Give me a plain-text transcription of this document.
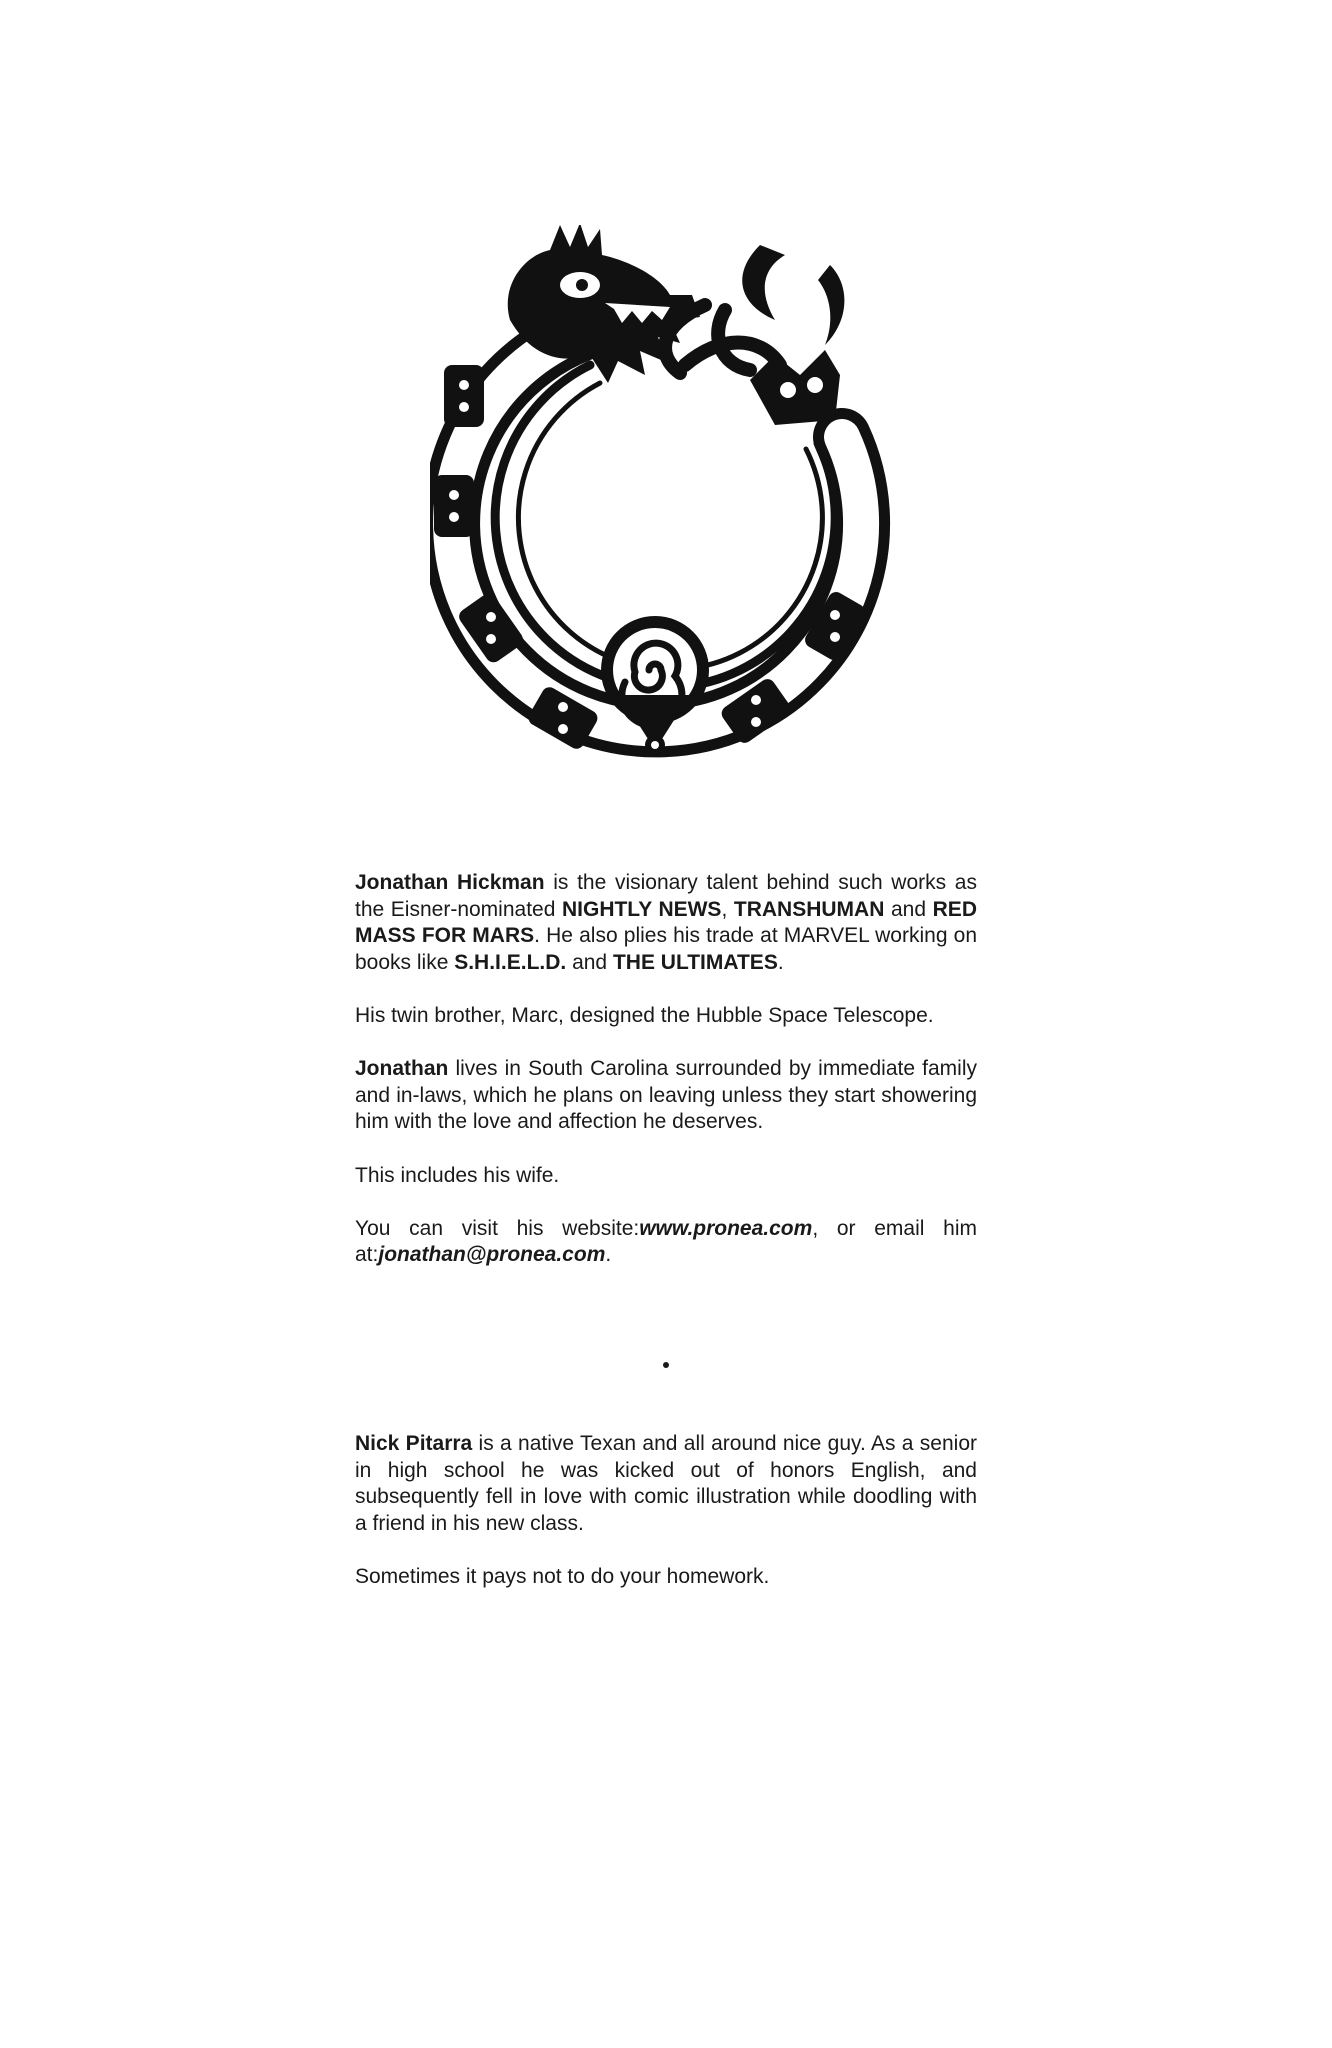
Jonathan Hickman is the visionary talent behind such works as the Eisner-nominated NIGHTLY NEWS, TRANSHUMAN and RED MASS FOR MARS. He also plies his trade at MARVEL working on books like S.H.I.E.L.D. and THE ULTIMATES.

His twin brother, Marc, designed the Hubble Space Telescope.

Jonathan lives in South Carolina surrounded by immediate family and in-laws, which he plans on leaving unless they start showering him with the love and affection he deserves.

This includes his wife.

You can visit his website:www.pronea.com, or email him at:jonathan@pronea.com.

Nick Pitarra is a native Texan and all around nice guy. As a senior in high school he was kicked out of honors English, and subsequently fell in love with comic illustration while doodling with a friend in his new class.

Sometimes it pays not to do your homework.
